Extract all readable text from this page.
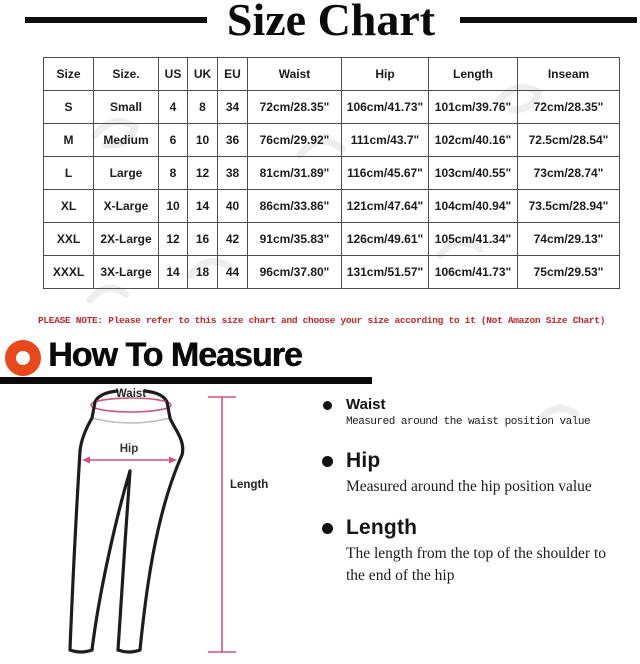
Size Chart
Size	Size.	US	UK	EU	Waist	Hip	Length	Inseam
S	Small	4	8	34	72cm/28.35"	106cm/41.73"	101cm/39.76"	72cm/28.35"
M	Medium	6	10	36	76cm/29.92"	111cm/43.7"	102cm/40.16"	72.5cm/28.54"
L	Large	8	12	38	81cm/31.89"	116cm/45.67"	103cm/40.55"	73cm/28.74"
XL	X-Large	10	14	40	86cm/33.86"	121cm/47.64"	104cm/40.94"	73.5cm/28.94"
XXL	2X-Large	12	16	42	91cm/35.83"	126cm/49.61"	105cm/41.34"	74cm/29.13"
XXXL	3X-Large	14	18	44	96cm/37.80"	131cm/51.57"	106cm/41.73"	75cm/29.53"
PLEASE NOTE: Please refer to this size chart and choose your size according to it (Not Amazon Size Chart)
How To Measure
Waist
Hip
Length
Waist
Measured around the waist position value
Hip
Measured around the hip position value
Length
The length from the top of the shoulder to the end of the hip
